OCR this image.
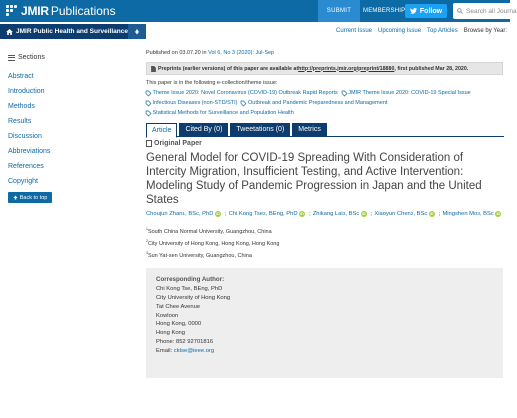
JMIR Publications	SUBMIT	MEMBERSHIP Follow	Search all Journa
JMIR Public Health and Surveillance	Current Issue Upcoming Issue Top Articles Browse by Year:
Sections
Abstract
Introduction
Methods
Results
Discussion
Abbreviations
References
Copyright
Back to top
Published on 03.07.20 in Vol 6, No 3 (2020): Jul-Sep
Preprints (earlier versions) of this paper are available at http://preprints.jmir.org/preprint/18880 , first published Mar 28, 2020.
This paper is in the following e-collection/theme issue:
Theme Issue 2020: Novel Coronavirus (COVID-19) Outbreak Rapid Reports JMIR Theme Issue 2020: COVID-19 Special Issue
Infectious Diseases (non-STD/STI) Outbreak and Pandemic Preparedness and Management
Statistical Methods for Surveillance and Population Health
Article	Cited By (0)	Tweetations (0)	Metrics
Original Paper
General Model for COVID-19 Spreading With Consideration of Intercity Migration, Insufficient Testing, and Active Intervention: Modeling Study of Pandemic Progression in Japan and the United States
Choujun Zhan 1 , BSc, PhD iD ; Chi Kong Tse 2 , BEng, PhD iD ; Zhikang Lai 3 , BSc iD ; Xiaoyun Chen 2 , BSc iD ; Mingshen Mo 3 , BSc iD
$^1$South China Normal University, Guangzhou, China
$^2$City University of Hong Kong, Hong Kong, Hong Kong
$^3$Sun Yat-sen University, Guangzhou, China
Corresponding Author:
Chi Kong Tse, BEng, PhD
City University of Hong Kong
Tat Chee Avenue
Kowloon
Hong Kong, 0000
Hong Kong
Phone: 852 92701816
Email: cktse@ieee.org
